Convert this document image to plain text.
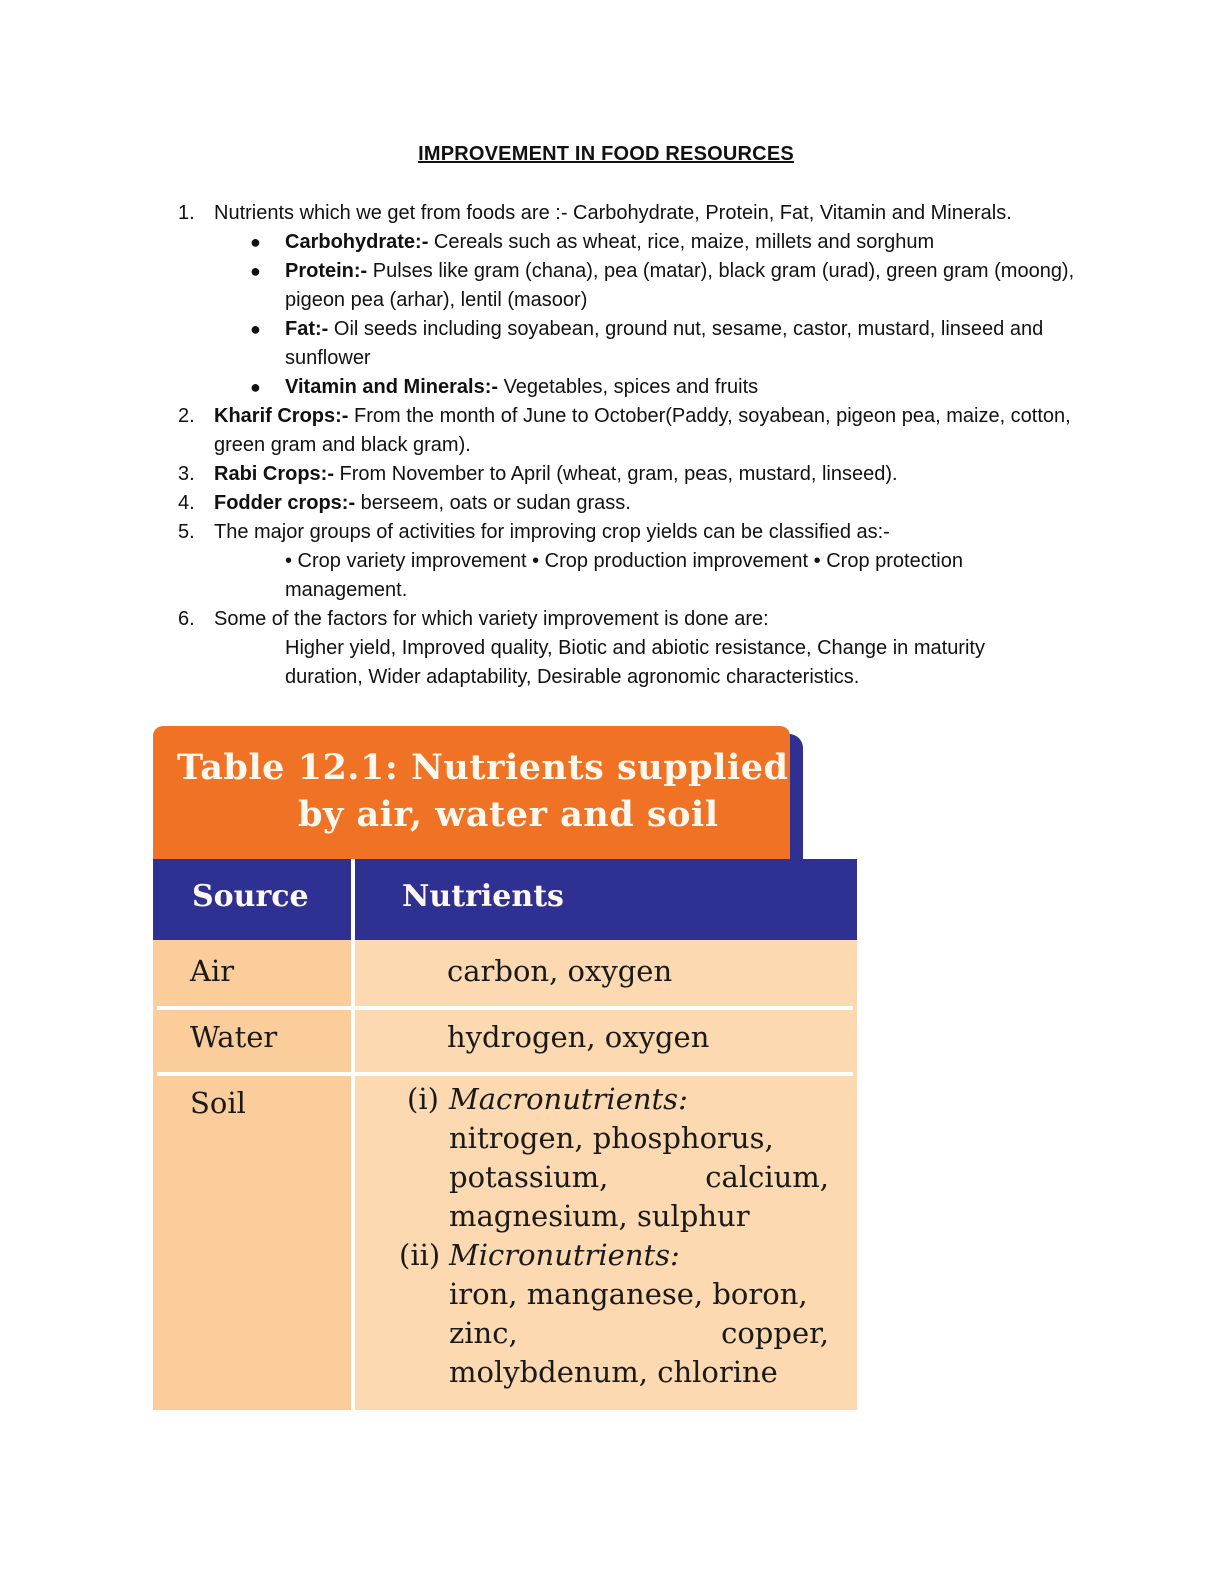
IMPROVEMENT IN FOOD RESOURCES
1. Nutrients which we get from foods are :- Carbohydrate, Protein, Fat, Vitamin and Minerals.
● Carbohydrate:- Cereals such as wheat, rice, maize, millets and sorghum
● Protein:- Pulses like gram (chana), pea (matar), black gram (urad), green gram (moong), pigeon pea (arhar), lentil (masoor)
● Fat:- Oil seeds including soyabean, ground nut, sesame, castor, mustard, linseed and sunflower
● Vitamin and Minerals:- Vegetables, spices and fruits
2. Kharif Crops:- From the month of June to October(Paddy, soyabean, pigeon pea, maize, cotton, green gram and black gram).
3. Rabi Crops:- From November to April (wheat, gram, peas, mustard, linseed).
4. Fodder crops:- berseem, oats or sudan grass.
5. The major groups of activities for improving crop yields can be classified as:-
• Crop variety improvement • Crop production improvement • Crop protection management.
6. Some of the factors for which variety improvement is done are:
Higher yield, Improved quality, Biotic and abiotic resistance, Change in maturity duration, Wider adaptability, Desirable agronomic characteristics.
Table 12.1: Nutrients supplied
by air, water and soil
Source	Nutrients
Air	carbon, oxygen
Water	hydrogen, oxygen
Soil	(i) Macronutrients:
nitrogen, phosphorus,
potassium,	calcium,
magnesium, sulphur
(ii) Micronutrients:
iron, manganese, boron,
zinc,	copper,
molybdenum, chlorine
